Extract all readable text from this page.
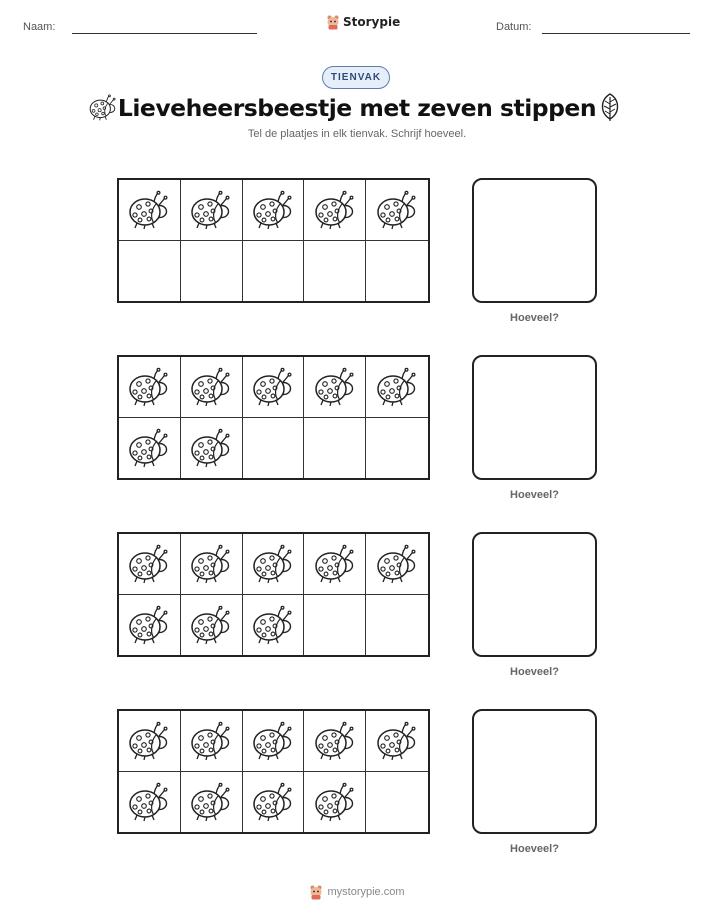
Naam:	Storypie	Datum:
TIENVAK
Lieveheersbeestje met zeven stippen
Tel de plaatjes in elk tienvak. Schrijf hoeveel.
Hoeveel?
Hoeveel?
Hoeveel?
Hoeveel?
mystorypie.com
